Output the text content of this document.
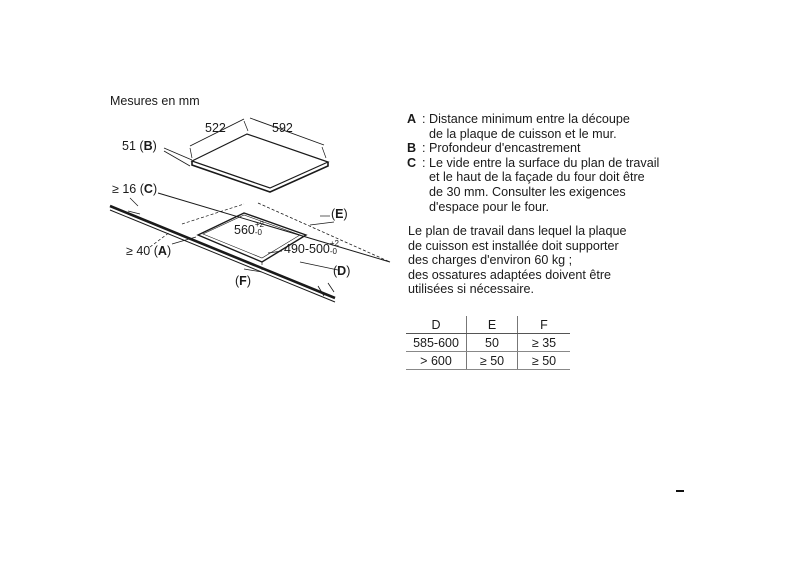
Mesures en mm
522	592
51 (B)
≥ 16 (C)
≥ 40 (A)
560+2
-0
490-500+2
-0
(E)
(D)
(F)
A : Distance minimum entre la découpe
de la plaque de cuisson et le mur.
B : Profondeur d'encastrement
C : Le vide entre la surface du plan de travail
et le haut de la façade du four doit être
de 30 mm. Consulter les exigences
d'espace pour le four.
Le plan de travail dans lequel la plaque
de cuisson est installée doit supporter
des charges d'environ 60 kg ;
des ossatures adaptées doivent être
utilisées si nécessaire.
D	E	F
585-600	50	≥ 35
> 600	≥ 50	≥ 50
